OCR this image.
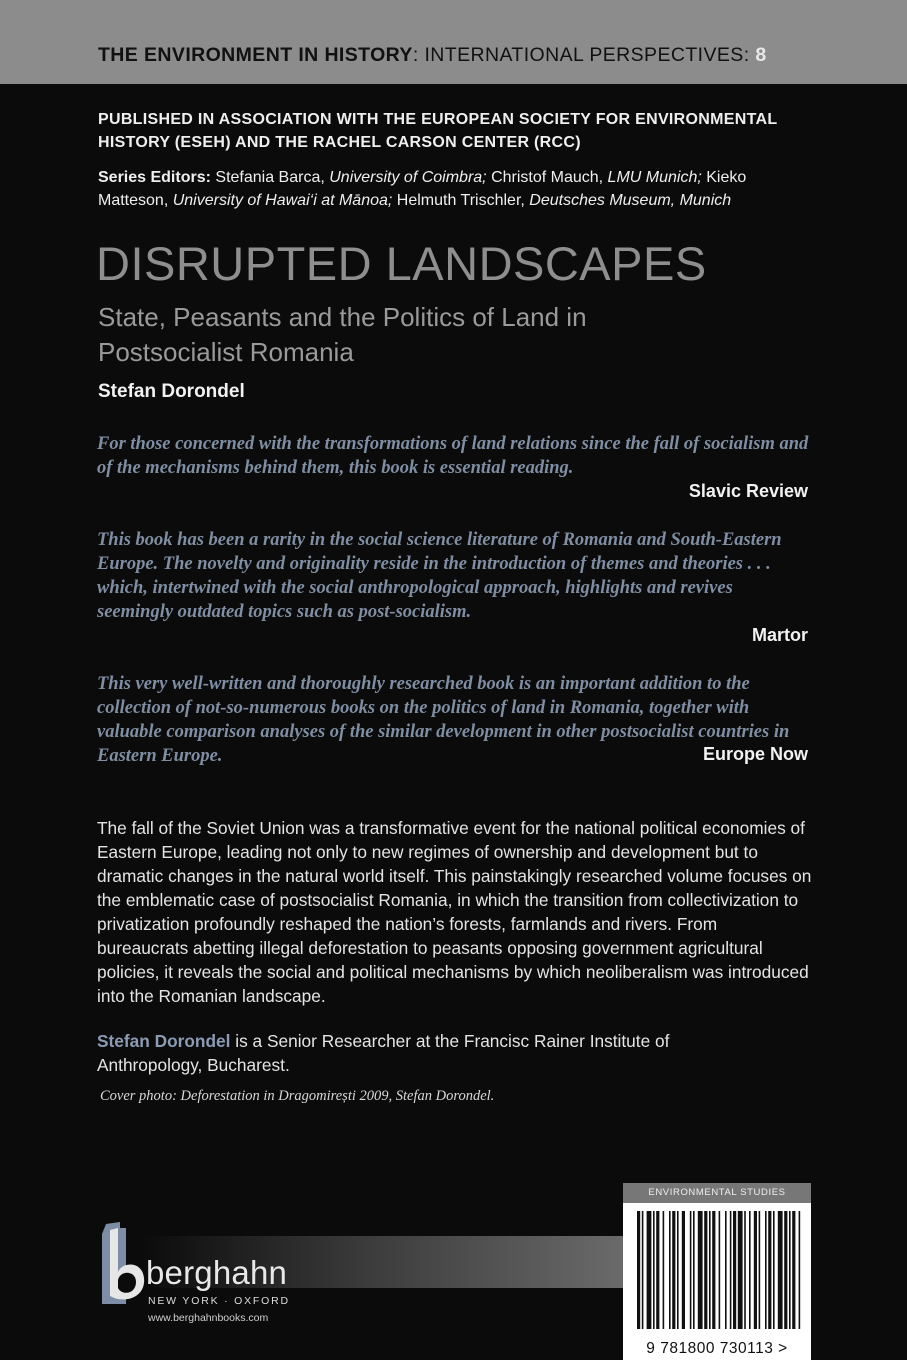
THE ENVIRONMENT IN HISTORY: INTERNATIONAL PERSPECTIVES: 8
PUBLISHED IN ASSOCIATION WITH THE EUROPEAN SOCIETY FOR ENVIRONMENTAL HISTORY (ESEH) AND THE RACHEL CARSON CENTER (RCC)
Series Editors: Stefania Barca, University of Coimbra; Christof Mauch, LMU Munich; Kieko Matteson, University of Hawai‘i at Mānoa; Helmuth Trischler, Deutsches Museum, Munich
DISRUPTED LANDSCAPES
State, Peasants and the Politics of Land in Postsocialist Romania
Stefan Dorondel
For those concerned with the transformations of land relations since the fall of socialism and of the mechanisms behind them, this book is essential reading.
Slavic Review
This book has been a rarity in the social science literature of Romania and South-Eastern Europe. The novelty and originality reside in the introduction of themes and theories . . . which, intertwined with the social anthropological approach, highlights and revives seemingly outdated topics such as post-socialism.
Martor
This very well-written and thoroughly researched book is an important addition to the collection of not-so-numerous books on the politics of land in Romania, together with valuable comparison analyses of the similar development in other postsocialist countries in Eastern Europe.	Europe Now
The fall of the Soviet Union was a transformative event for the national political economies of Eastern Europe, leading not only to new regimes of ownership and development but to dramatic changes in the natural world itself. This painstakingly researched volume focuses on the emblematic case of postsocialist Romania, in which the transition from collectivization to privatization profoundly reshaped the nation’s forests, farmlands and rivers. From bureaucrats abetting illegal deforestation to peasants opposing government agricultural policies, it reveals the social and political mechanisms by which neoliberalism was introduced into the Romanian landscape.
Stefan Dorondel is a Senior Researcher at the Francisc Rainer Institute of Anthropology, Bucharest.
Cover photo: Deforestation in Dragomirești 2009, Stefan Dorondel.
berghahn
NEW YORK · OXFORD
www.berghahnbooks.com
ENVIRONMENTAL STUDIES
9 781800 730113 >
